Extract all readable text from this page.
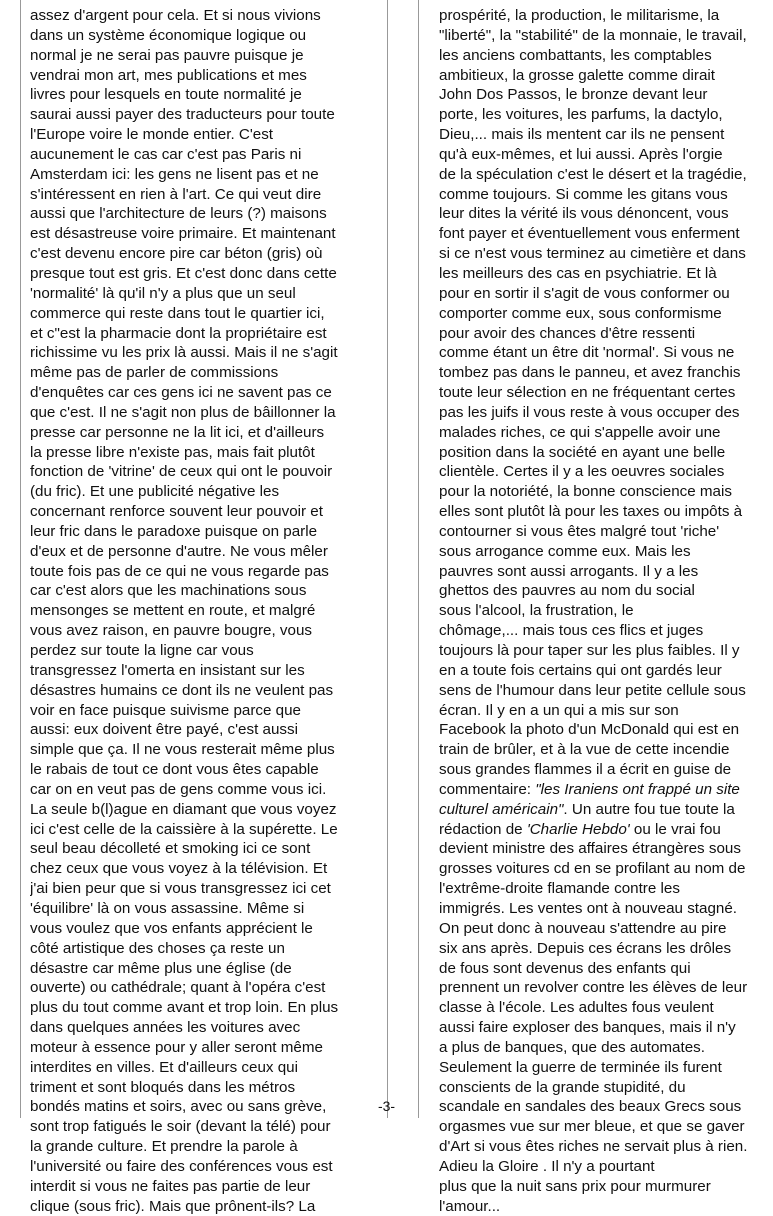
assez d'argent pour cela. Et si nous vivions
dans un système économique logique ou
normal je ne serai pas pauvre puisque je
vendrai mon art, mes publications et mes
livres pour lesquels en toute normalité je
saurai aussi payer des traducteurs pour toute
l'Europe voire le monde entier. C'est
aucunement le cas car c'est pas Paris ni
Amsterdam ici: les gens ne lisent pas et ne
s'intéressent en rien à l'art. Ce qui veut dire
aussi que l'architecture de leurs (?) maisons
est désastreuse voire primaire. Et maintenant
c'est devenu encore pire car béton (gris) où
presque tout est gris. Et c'est donc dans cette
'normalité' là qu'il n'y a plus que un seul
commerce qui reste dans tout le quartier ici,
et c"est la pharmacie dont la propriétaire est
richissime vu les prix là aussi. Mais il ne s'agit
même pas de parler de commissions
d'enquêtes car ces gens ici ne savent pas ce
que c'est. Il ne s'agit non plus de bâillonner la
presse car personne ne la lit ici, et d'ailleurs
la presse libre n'existe pas, mais fait plutôt
fonction de 'vitrine' de ceux qui ont le pouvoir
(du fric). Et une publicité négative les
concernant renforce souvent leur pouvoir et
leur fric dans le paradoxe puisque on parle
d'eux et de personne d'autre. Ne vous mêler
toute fois pas de ce qui ne vous regarde pas
car c'est alors que les machinations sous
mensonges se mettent en route, et malgré
vous avez raison, en pauvre bougre, vous
perdez sur toute la ligne car vous
transgressez l'omerta en insistant sur les
désastres humains ce dont ils ne veulent pas
voir en face puisque suivisme parce que
aussi: eux doivent être payé, c'est aussi
simple que ça. Il ne vous resterait même plus
le rabais de tout ce dont vous êtes capable
car on en veut pas de gens comme vous ici.
La seule b(l)ague en diamant que vous voyez
ici c'est celle de la caissière à la supérette. Le
seul beau décolleté et smoking ici ce sont
chez ceux que vous voyez à la télévision. Et
j'ai bien peur que si vous transgressez ici cet
'équilibre' là on vous assassine. Même si
vous voulez que vos enfants apprécient le
côté artistique des choses ça reste un
désastre car même plus une église (de
ouverte) ou cathédrale; quant à l'opéra c'est
plus du tout comme avant et trop loin. En plus
dans quelques années les voitures avec
moteur à essence pour y aller seront même
interdites en villes. Et d'ailleurs ceux qui
triment et sont bloqués dans les métros
bondés matins et soirs, avec ou sans grève,
sont trop fatigués le soir (devant la télé) pour
la grande culture. Et prendre la parole à
l'université ou faire des conférences vous est
interdit si vous ne faites pas partie de leur
clique (sous fric). Mais que prônent-ils? La
prospérité, la production, le militarisme, la
"liberté", la "stabilité" de la monnaie, le travail,
les anciens combattants, les comptables
ambitieux, la grosse galette comme dirait
John Dos Passos, le bronze devant leur
porte, les voitures, les parfums, la dactylo,
Dieu,... mais ils mentent car ils ne pensent
qu'à eux-mêmes, et lui aussi. Après l'orgie
de la spéculation c'est le désert et la tragédie,
comme toujours. Si comme les gitans vous
leur dites la vérité ils vous dénoncent, vous
font payer et éventuellement vous enferment
si ce n'est vous terminez au cimetière et dans
les meilleurs des cas en psychiatrie. Et là
pour en sortir il s'agit de vous conformer ou
comporter comme eux, sous conformisme
pour avoir des chances d'être ressenti
comme étant un être dit 'normal'. Si vous ne
tombez pas dans le panneu, et avez franchis
toute leur sélection en ne fréquentant certes
pas les juifs il vous reste à vous occuper des
malades riches, ce qui s'appelle avoir une
position dans la société en ayant une belle
clientèle. Certes il y a les oeuvres sociales
pour la notoriété, la bonne conscience mais
elles sont plutôt là pour les taxes ou impôts à
contourner si vous êtes malgré tout 'riche'
sous arrogance comme eux. Mais les
pauvres sont aussi arrogants. Il y a les
ghettos des pauvres au nom du social
sous l'alcool, la frustration, le
chômage,... mais tous ces flics et juges
toujours là pour taper sur les plus faibles. Il y
en a toute fois certains qui ont gardés leur
sens de l'humour dans leur petite cellule sous
écran. Il y en a un qui a mis sur son
Facebook la photo d'un McDonald qui est en
train de brûler, et à la vue de cette incendie
sous grandes flammes il a écrit en guise de
commentaire: "les Iraniens ont frappé un site
culturel américain". Un autre fou tue toute la
rédaction de 'Charlie Hebdo' ou le vrai fou
devient ministre des affaires étrangères sous
grosses voitures cd en se profilant au nom de
l'extrême-droite flamande contre les
immigrés. Les ventes ont à nouveau stagné.
On peut donc à nouveau s'attendre au pire
six ans après. Depuis ces écrans les drôles
de fous sont devenus des enfants qui
prennent un revolver contre les élèves de leur
classe à l'école. Les adultes fous veulent
aussi faire exploser des banques, mais il n'y
a plus de banques, que des automates.
Seulement la guerre de terminée ils furent
conscients de la grande stupidité, du
scandale en sandales des beaux Grecs sous
orgasmes vue sur mer bleue, et que se gaver
d'Art si vous êtes riches ne servait plus à rien.
Adieu la Gloire . Il n'y a pourtant
plus que la nuit sans prix pour murmurer
l'amour...
-3-
